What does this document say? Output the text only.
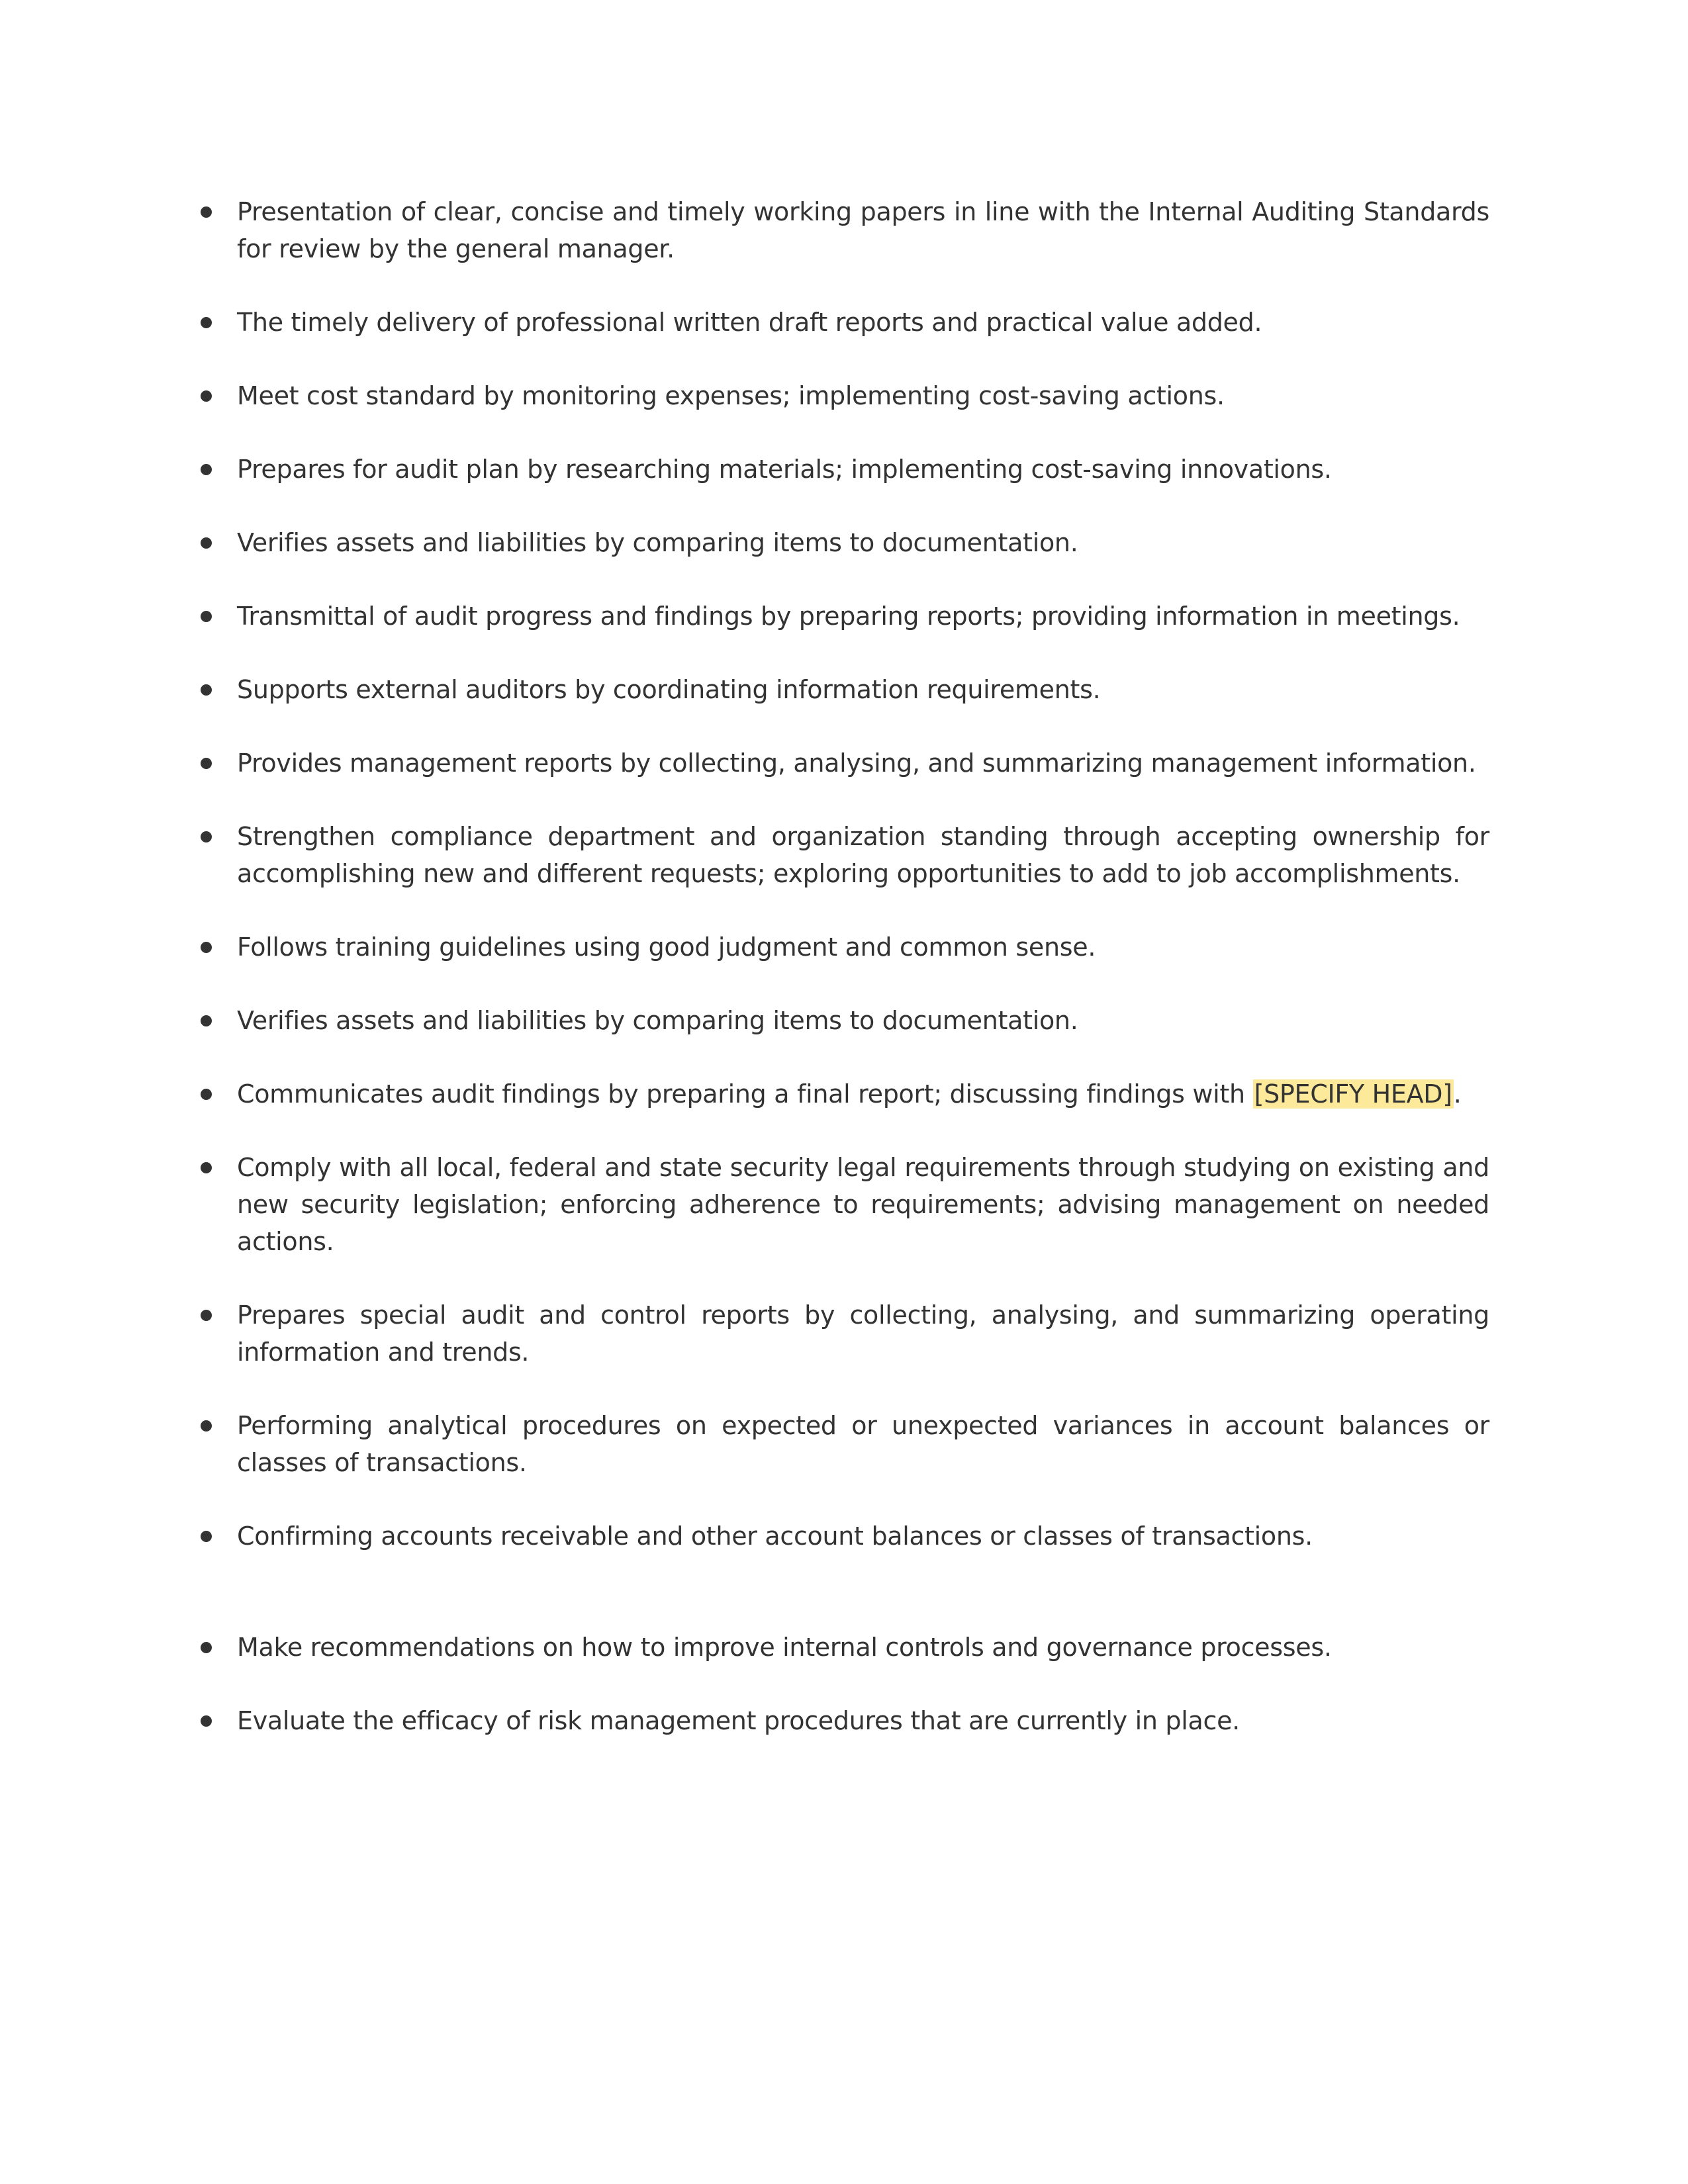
Presentation of clear, concise and timely working papers in line with the Internal Auditing Standards for review by the general manager.
The timely delivery of professional written draft reports and practical value added.
Meet cost standard by monitoring expenses; implementing cost-saving actions.
Prepares for audit plan by researching materials; implementing cost-saving innovations.
Verifies assets and liabilities by comparing items to documentation.
Transmittal of audit progress and findings by preparing reports; providing information in meetings.
Supports external auditors by coordinating information requirements.
Provides management reports by collecting, analysing, and summarizing management information.
Strengthen compliance department and organization standing through accepting ownership for accomplishing new and different requests; exploring opportunities to add to job accomplishments.
Follows training guidelines using good judgment and common sense.
Verifies assets and liabilities by comparing items to documentation.
Communicates audit findings by preparing a final report; discussing findings with [SPECIFY HEAD].
Comply with all local, federal and state security legal requirements through studying on existing and new security legislation; enforcing adherence to requirements; advising management on needed actions.
Prepares special audit and control reports by collecting, analysing, and summarizing operating information and trends.
Performing analytical procedures on expected or unexpected variances in account balances or classes of transactions.
Confirming accounts receivable and other account balances or classes of transactions.
Make recommendations on how to improve internal controls and governance processes.
Evaluate the efficacy of risk management procedures that are currently in place.
